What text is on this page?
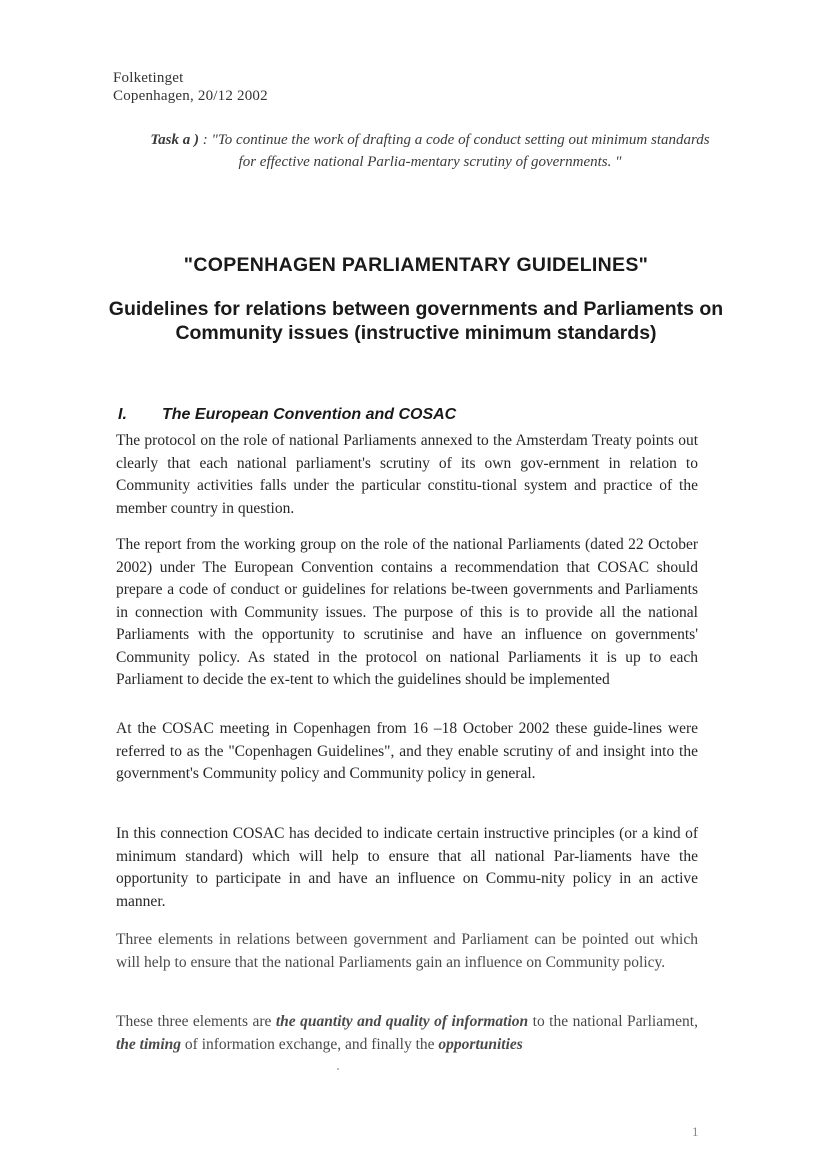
Folketinget
Copenhagen, 20/12 2002
Task a ) : "To continue the work of drafting a code of conduct setting out minimum standards for effective national Parlia-mentary scrutiny of governments. "
"COPENHAGEN PARLIAMENTARY GUIDELINES"
Guidelines for relations between governments and Parliaments on Community issues (instructive minimum standards)
I. The European Convention and COSAC
The protocol on the role of national Parliaments annexed to the Amsterdam Treaty points out clearly that each national parliament's scrutiny of its own gov-ernment in relation to Community activities falls under the particular constitu-tional system and practice of the member country in question.
The report from the working group on the role of the national Parliaments (dated 22 October 2002) under The European Convention contains a recommendation that COSAC should prepare a code of conduct or guidelines for relations be-tween governments and Parliaments in connection with Community issues. The purpose of this is to provide all the national Parliaments with the opportunity to scrutinise and have an influence on governments' Community policy. As stated in the protocol on national Parliaments it is up to each Parliament to decide the ex-tent to which the guidelines should be implemented
At the COSAC meeting in Copenhagen from 16 –18 October 2002 these guide-lines were referred to as the "Copenhagen Guidelines", and they enable scrutiny of and insight into the government's Community policy and Community policy in general.
In this connection COSAC has decided to indicate certain instructive principles (or a kind of minimum standard) which will help to ensure that all national Par-liaments have the opportunity to participate in and have an influence on Commu-nity policy in an active manner.
Three elements in relations between government and Parliament can be pointed out which will help to ensure that the national Parliaments gain an influence on Community policy.
These three elements are the quantity and quality of information to the national Parliament, the timing of information exchange, and finally the opportunities
1
